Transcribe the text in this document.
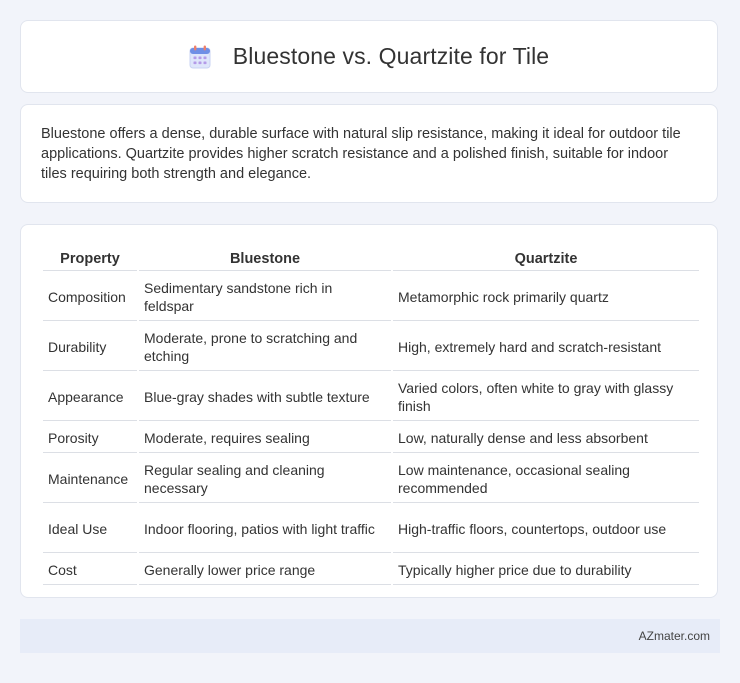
Bluestone vs. Quartzite for Tile

Bluestone offers a dense, durable surface with natural slip resistance, making it ideal for outdoor tile applications. Quartzite provides higher scratch resistance and a polished finish, suitable for indoor tiles requiring both strength and elegance.

Property	Bluestone	Quartzite
Composition	Sedimentary sandstone rich in feldspar	Metamorphic rock primarily quartz
Durability	Moderate, prone to scratching and etching	High, extremely hard and scratch-resistant
Appearance	Blue-gray shades with subtle texture	Varied colors, often white to gray with glassy finish
Porosity	Moderate, requires sealing	Low, naturally dense and less absorbent
Maintenance	Regular sealing and cleaning necessary	Low maintenance, occasional sealing recommended
Ideal Use	Indoor flooring, patios with light traffic	High-traffic floors, countertops, outdoor use
Cost	Generally lower price range	Typically higher price due to durability
AZmater.com
